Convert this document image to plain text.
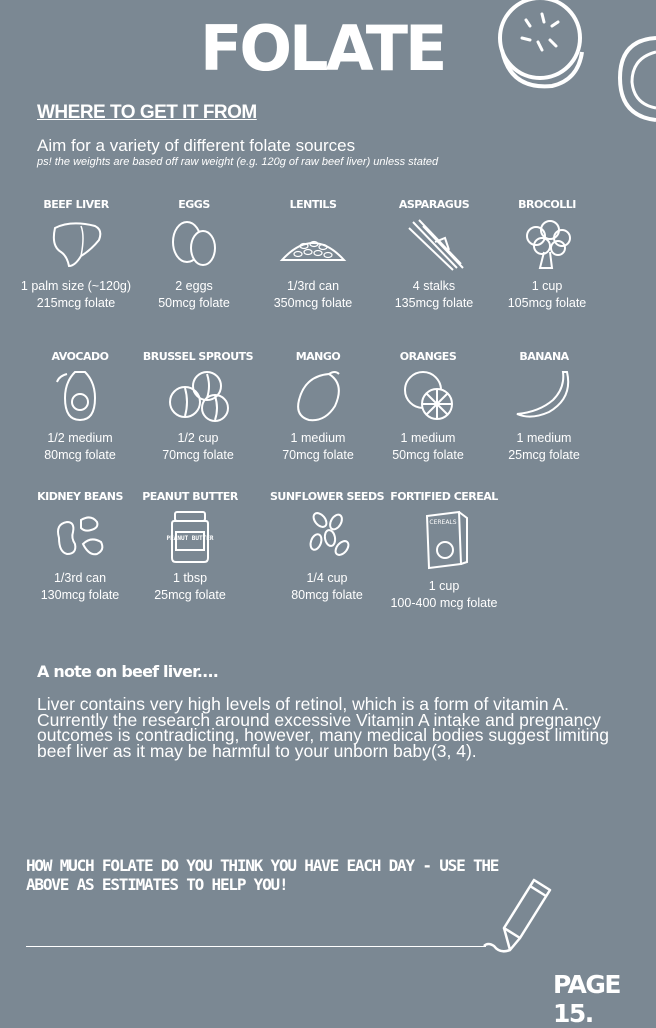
FOLATE
WHERE TO GET IT FROM

Aim for a variety of different folate sources

ps! the weights are based off raw weight (e.g. 120g of raw beef liver) unless stated

BEEF LIVER
1 palm size (~120g)
215mcg folate
EGGS
2 eggs
50mcg folate
LENTILS
1/3rd can
350mcg folate
ASPARAGUS
4 stalks
135mcg folate
BROCOLLI
1 cup
105mcg folate
AVOCADO
1/2 medium
80mcg folate
BRUSSEL SPROUTS
1/2 cup
70mcg folate
MANGO
1 medium
70mcg folate
ORANGES
1 medium
50mcg folate
BANANA
1 medium
25mcg folate
KIDNEY BEANS
1/3rd can
130mcg folate
PEANUT BUTTER
PEANUT BUTTER
1 tbsp
25mcg folate
SUNFLOWER SEEDS
1/4 cup
80mcg folate
FORTIFIED CEREAL
CEREALS
1 cup
100-400 mcg folate
A note on beef liver....

Liver contains very high levels of retinol, which is a form of vitamin A. Currently the research around excessive Vitamin A intake and pregnancy outcomes is contradicting, however, many medical bodies suggest limiting beef liver as it may be harmful to your unborn baby(3, 4).

HOW MUCH FOLATE DO YOU THINK YOU HAVE EACH DAY - USE THE ABOVE AS ESTIMATES TO HELP YOU!

PAGE 15.
